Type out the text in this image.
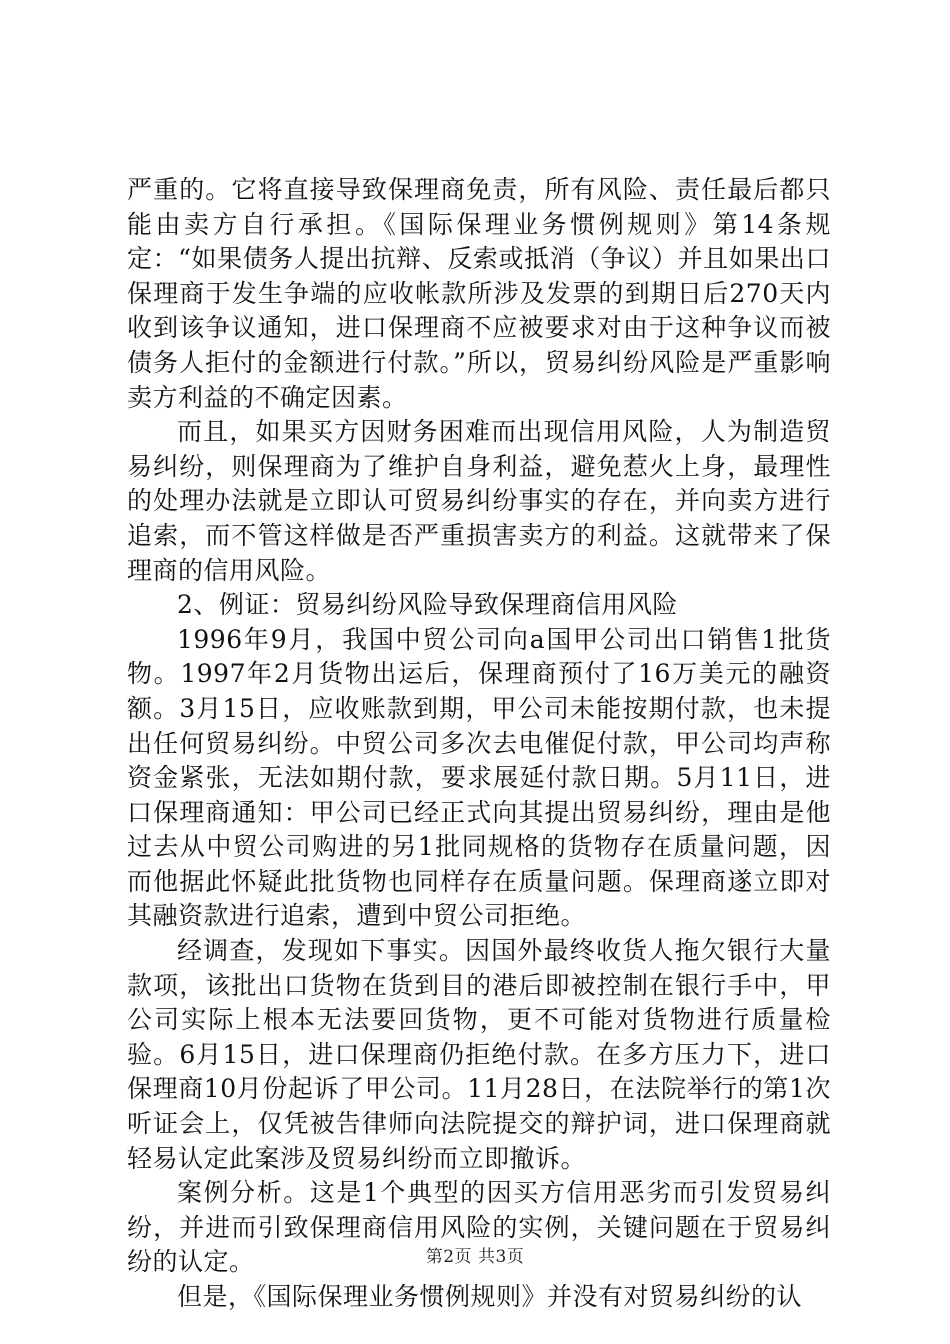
严重的。它将直接导致保理商免责，所有风险、责任最后都只能由卖方自行承担。《国际保理业务惯例规则》第14条规定：“如果债务人提出抗辩、反索或抵消（争议）并且如果出口保理商于发生争端的应收帐款所涉及发票的到期日后270天内收到该争议通知，进口保理商不应被要求对由于这种争议而被债务人拒付的金额进行付款。”所以，贸易纠纷风险是严重影响卖方利益的不确定因素。

而且，如果买方因财务困难而出现信用风险，人为制造贸易纠纷，则保理商为了维护自身利益，避免惹火上身，最理性的处理办法就是立即认可贸易纠纷事实的存在，并向卖方进行追索，而不管这样做是否严重损害卖方的利益。这就带来了保理商的信用风险。

2、例证：贸易纠纷风险导致保理商信用风险

1996年9月，我国中贸公司向a国甲公司出口销售1批货物。1997年2月货物出运后，保理商预付了16万美元的融资额。3月15日，应收账款到期，甲公司未能按期付款，也未提出任何贸易纠纷。中贸公司多次去电催促付款，甲公司均声称资金紧张，无法如期付款，要求展延付款日期。5月11日，进口保理商通知：甲公司已经正式向其提出贸易纠纷，理由是他过去从中贸公司购进的另1批同规格的货物存在质量问题，因而他据此怀疑此批货物也同样存在质量问题。保理商遂立即对其融资款进行追索，遭到中贸公司拒绝。

经调查，发现如下事实。因国外最终收货人拖欠银行大量款项，该批出口货物在货到目的港后即被控制在银行手中，甲公司实际上根本无法要回货物，更不可能对货物进行质量检验。6月15日，进口保理商仍拒绝付款。在多方压力下，进口保理商10月份起诉了甲公司。11月28日，在法院举行的第1次听证会上，仅凭被告律师向法院提交的辩护词，进口保理商就轻易认定此案涉及贸易纠纷而立即撤诉。

案例分析。这是1个典型的因买方信用恶劣而引发贸易纠纷，并进而引致保理商信用风险的实例，关键问题在于贸易纠纷的认定。

但是，《国际保理业务惯例规则》并没有对贸易纠纷的认

第2页 共3页
